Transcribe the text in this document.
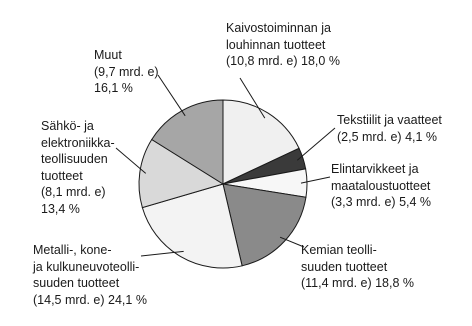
Kaivostoiminnan ja
louhinnan tuotteet
(10,8 mrd. e) 18,0 %
Tekstiilit ja vaatteet
(2,5 mrd. e) 4,1 %
Elintarvikkeet ja
maataloustuotteet
(3,3 mrd. e) 5,4 %
Kemian teolli-
suuden tuotteet
(11,4 mrd. e) 18,8 %
Metalli-, kone-
ja kulkuneuvoteolli-
suuden tuotteet
(14,5 mrd. e) 24,1 %
Sähkö- ja
elektroniikka-
teollisuuden
tuotteet
(8,1 mrd. e)
13,4 %
Muut
(9,7 mrd. e)
16,1 %
